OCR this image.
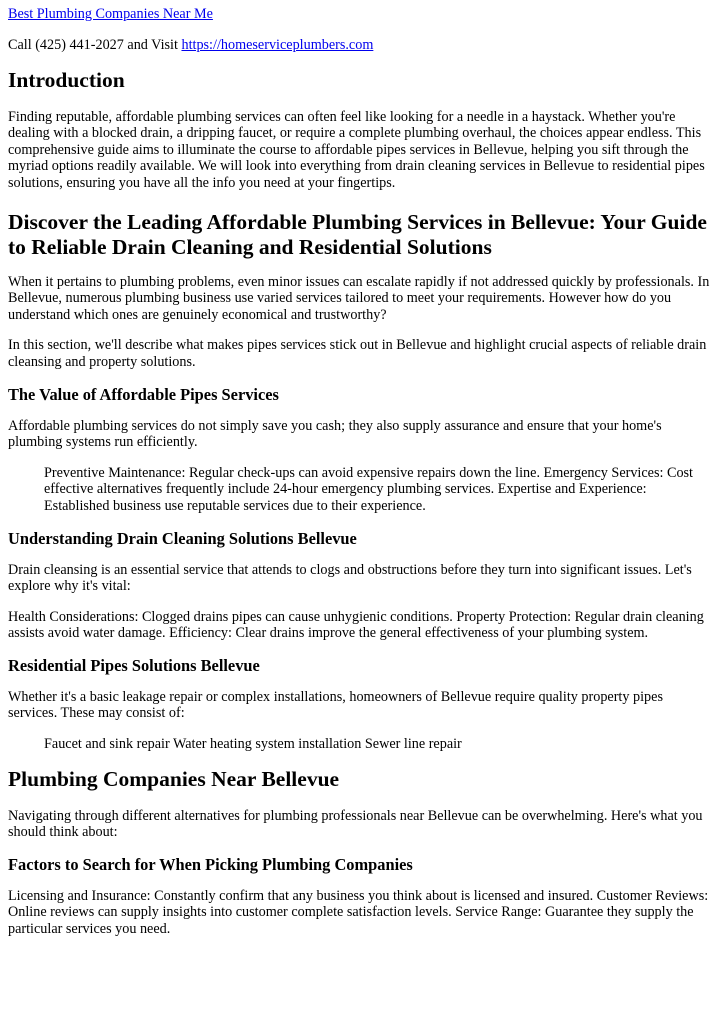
Best Plumbing Companies Near Me

Call (425) 441-2027 and Visit https://homeserviceplumbers.com

Introduction

Finding reputable, affordable plumbing services can often feel like looking for a needle in a haystack. Whether you're dealing with a blocked drain, a dripping faucet, or require a complete plumbing overhaul, the choices appear endless. This comprehensive guide aims to illuminate the course to affordable pipes services in Bellevue, helping you sift through the myriad options readily available. We will look into everything from drain cleaning services in Bellevue to residential pipes solutions, ensuring you have all the info you need at your fingertips.

Discover the Leading Affordable Plumbing Services in Bellevue: Your Guide to Reliable Drain Cleaning and Residential Solutions

When it pertains to plumbing problems, even minor issues can escalate rapidly if not addressed quickly by professionals. In Bellevue, numerous plumbing business use varied services tailored to meet your requirements. However how do you understand which ones are genuinely economical and trustworthy?

In this section, we'll describe what makes pipes services stick out in Bellevue and highlight crucial aspects of reliable drain cleansing and property solutions.

The Value of Affordable Pipes Services

Affordable plumbing services do not simply save you cash; they also supply assurance and ensure that your home's plumbing systems run efficiently.

Preventive Maintenance: Regular check-ups can avoid expensive repairs down the line. Emergency Services: Cost effective alternatives frequently include 24-hour emergency plumbing services. Expertise and Experience: Established business use reputable services due to their experience.
Understanding Drain Cleaning Solutions Bellevue

Drain cleansing is an essential service that attends to clogs and obstructions before they turn into significant issues. Let's explore why it's vital:

Health Considerations: Clogged drains pipes can cause unhygienic conditions. Property Protection: Regular drain cleaning assists avoid water damage. Efficiency: Clear drains improve the general effectiveness of your plumbing system.

Residential Pipes Solutions Bellevue

Whether it's a basic leakage repair or complex installations, homeowners of Bellevue require quality property pipes services. These may consist of:

Faucet and sink repair Water heating system installation Sewer line repair
Plumbing Companies Near Bellevue

Navigating through different alternatives for plumbing professionals near Bellevue can be overwhelming. Here's what you should think about:

Factors to Search for When Picking Plumbing Companies

Licensing and Insurance: Constantly confirm that any business you think about is licensed and insured. Customer Reviews: Online reviews can supply insights into customer complete satisfaction levels. Service Range: Guarantee they supply the particular services you need.
